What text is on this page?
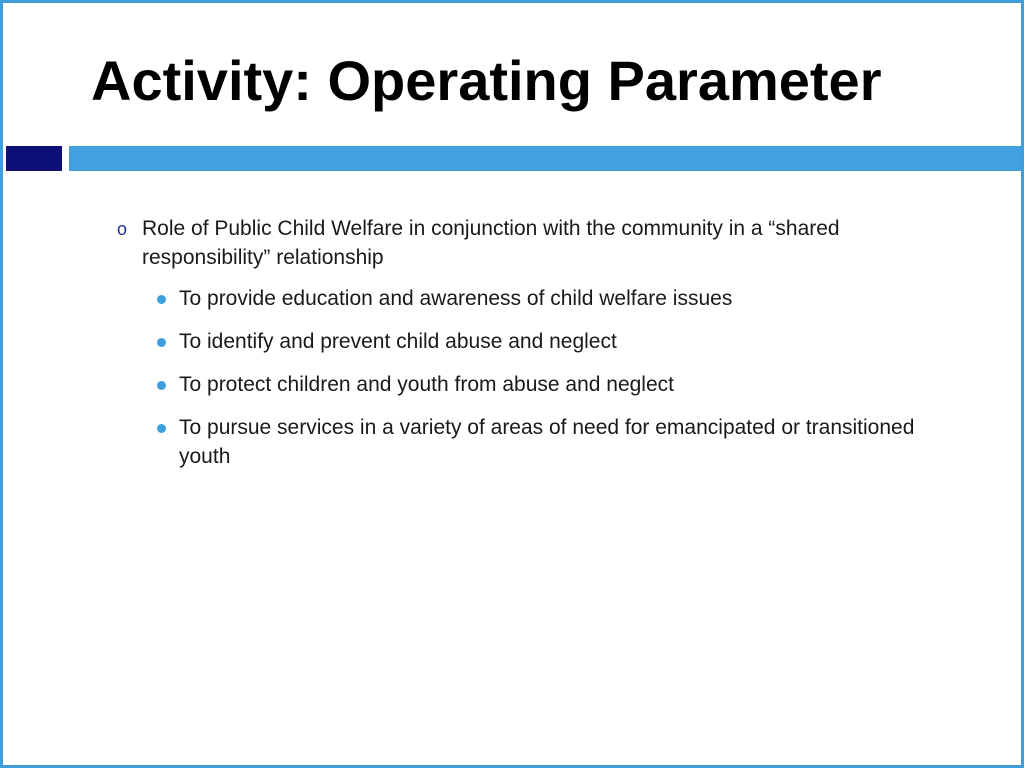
Activity: Operating Parameter
o Role of Public Child Welfare in conjunction with the community in a “shared responsibility” relationship
To provide education and awareness of child welfare issues
To identify and prevent child abuse and neglect
To protect children and youth from abuse and neglect
To pursue services in a variety of areas of need for emancipated or transitioned youth
